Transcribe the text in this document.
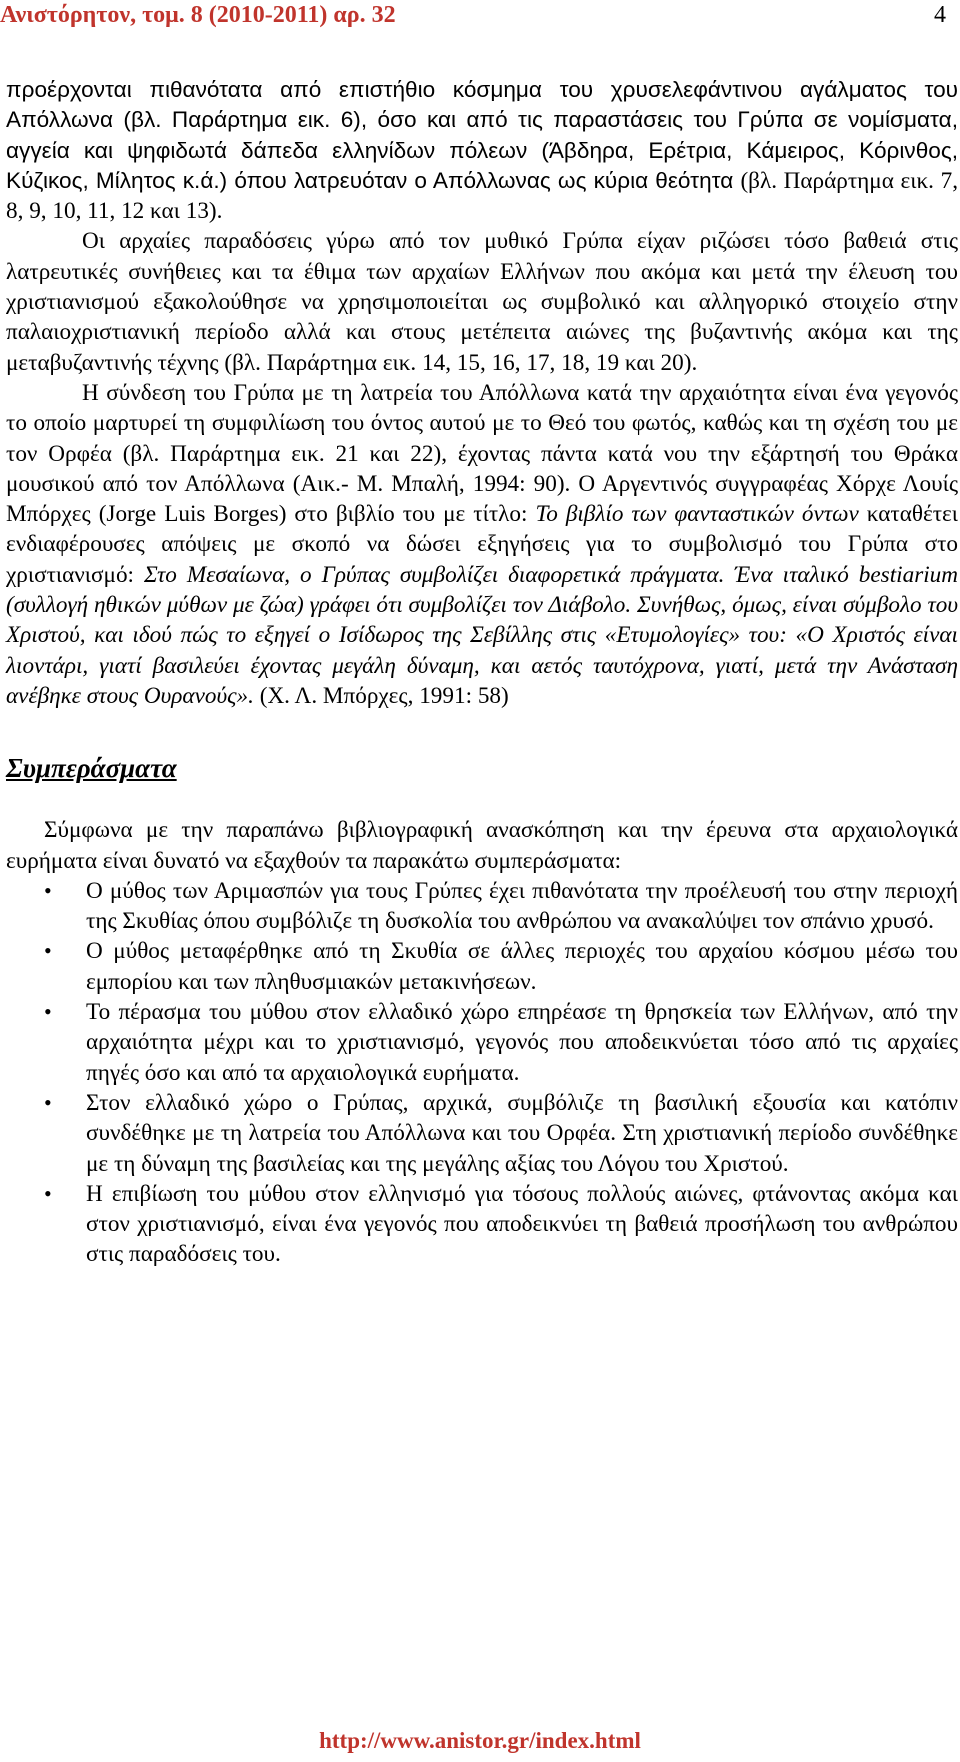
Ανιστόρητον, τομ. 8 (2010-2011) αρ. 32	4

προέρχονται πιθανότατα από επιστήθιο κόσμημα του χρυσελεφάντινου αγάλματος του Απόλλωνα (βλ. Παράρτημα εικ. 6), όσο και από τις παραστάσεις του Γρύπα σε νομίσματα, αγγεία και ψηφιδωτά δάπεδα ελληνίδων πόλεων (Άβδηρα, Ερέτρια, Κάμειρος, Κόρινθος, Κύζικος, Μίλητος κ.ά.) όπου λατρευόταν ο Απόλλωνας ως κύρια θεότητα (βλ. Παράρτημα εικ. 7, 8, 9, 10, 11, 12 και 13).

Οι αρχαίες παραδόσεις γύρω από τον μυθικό Γρύπα είχαν ριζώσει τόσο βαθειά στις λατρευτικές συνήθειες και τα έθιμα των αρχαίων Ελλήνων που ακόμα και μετά την έλευση του χριστιανισμού εξακολούθησε να χρησιμοποιείται ως συμβολικό και αλληγορικό στοιχείο στην παλαιοχριστιανική περίοδο αλλά και στους μετέπειτα αιώνες της βυζαντινής ακόμα και της μεταβυζαντινής τέχνης (βλ. Παράρτημα εικ. 14, 15, 16, 17, 18, 19 και 20).

Η σύνδεση του Γρύπα με τη λατρεία του Απόλλωνα κατά την αρχαιότητα είναι ένα γεγονός το οποίο μαρτυρεί τη συμφιλίωση του όντος αυτού με το Θεό του φωτός, καθώς και τη σχέση του με τον Ορφέα (βλ. Παράρτημα εικ. 21 και 22), έχοντας πάντα κατά νου την εξάρτησή του Θράκα μουσικού από τον Απόλλωνα (Αικ.- Μ. Μπαλή, 1994: 90). Ο Αργεντινός συγγραφέας Χόρχε Λουίς Μπόρχες (Jorge Luis Borges) στο βιβλίο του με τίτλο: Το βιβλίο των φανταστικών όντων καταθέτει ενδιαφέρουσες απόψεις με σκοπό να δώσει εξηγήσεις για το συμβολισμό του Γρύπα στο χριστιανισμό: Στο Μεσαίωνα, ο Γρύπας συμβολίζει διαφορετικά πράγματα. Ένα ιταλικό bestiarium (συλλογή ηθικών μύθων με ζώα) γράφει ότι συμβολίζει τον Διάβολο. Συνήθως, όμως, είναι σύμβολο του Χριστού, και ιδού πώς το εξηγεί ο Ισίδωρος της Σεβίλλης στις «Ετυμολογίες» του: «Ο Χριστός είναι λιοντάρι, γιατί βασιλεύει έχοντας μεγάλη δύναμη, και αετός ταυτόχρονα, γιατί, μετά την Ανάσταση ανέβηκε στους Ουρανούς». (Χ. Λ. Μπόρχες, 1991: 58)

Συμπεράσματα

Σύμφωνα με την παραπάνω βιβλιογραφική ανασκόπηση και την έρευνα στα αρχαιολογικά ευρήματα είναι δυνατό να εξαχθούν τα παρακάτω συμπεράσματα:

• Ο μύθος των Αριμασπών για τους Γρύπες έχει πιθανότατα την προέλευσή του στην περιοχή της Σκυθίας όπου συμβόλιζε τη δυσκολία του ανθρώπου να ανακαλύψει τον σπάνιο χρυσό.
• Ο μύθος μεταφέρθηκε από τη Σκυθία σε άλλες περιοχές του αρχαίου κόσμου μέσω του εμπορίου και των πληθυσμιακών μετακινήσεων.
• Το πέρασμα του μύθου στον ελλαδικό χώρο επηρέασε τη θρησκεία των Ελλήνων, από την αρχαιότητα μέχρι και το χριστιανισμό, γεγονός που αποδεικνύεται τόσο από τις αρχαίες πηγές όσο και από τα αρχαιολογικά ευρήματα.
• Στον ελλαδικό χώρο ο Γρύπας, αρχικά, συμβόλιζε τη βασιλική εξουσία και κατόπιν συνδέθηκε με τη λατρεία του Απόλλωνα και του Ορφέα. Στη χριστιανική περίοδο συνδέθηκε με τη δύναμη της βασιλείας και της μεγάλης αξίας του Λόγου του Χριστού.
• Η επιβίωση του μύθου στον ελληνισμό για τόσους πολλούς αιώνες, φτάνοντας ακόμα και στον χριστιανισμό, είναι ένα γεγονός που αποδεικνύει τη βαθειά προσήλωση του ανθρώπου στις παραδόσεις του.
http://www.anistor.gr/index.html
